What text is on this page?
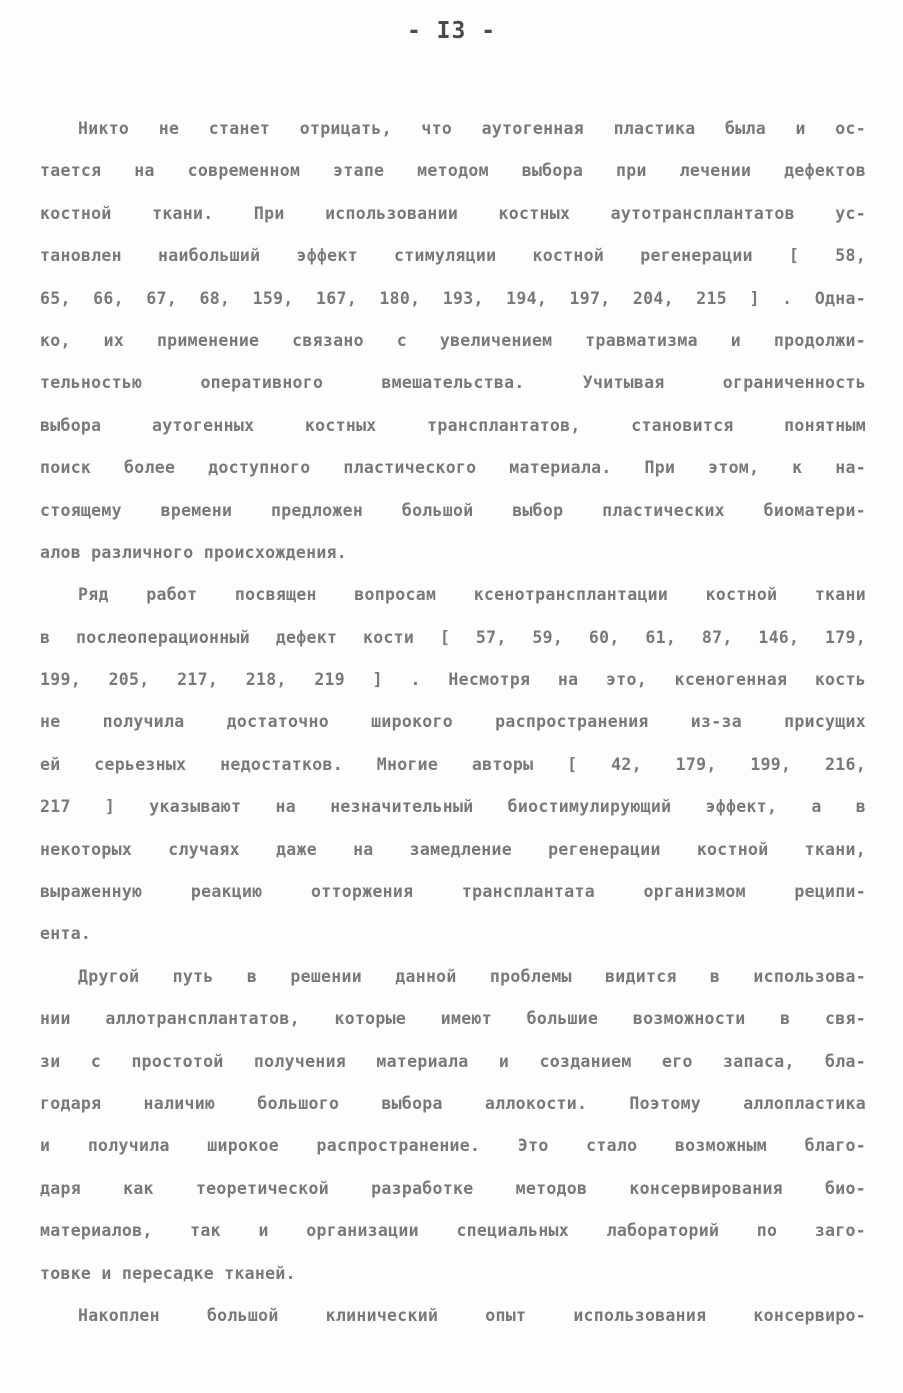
- I3 -
Никто не станет отрицать, что аутогенная пластика была и ос-
тается на современном этапе методом выбора при лечении дефектов
костной ткани. При использовании костных аутотрансплантатов ус-
тановлен наибольший эффект стимуляции костной регенерации [ 58,
65, 66, 67, 68, 159, 167, 180, 193, 194, 197, 204, 215 ] . Одна-
ко, их применение связано с увеличением травматизма и продолжи-
тельностью оперативного вмешательства. Учитывая ограниченность
выбора аутогенных костных трансплантатов, становится понятным
поиск более доступного пластического материала. При этом, к на-
стоящему времени предложен большой выбор пластических биоматери-
алов различного происхождения.
Ряд работ посвящен вопросам ксенотрансплантации костной ткани
в послеоперационный дефект кости [ 57, 59, 60, 61, 87, 146, 179,
199, 205, 217, 218, 219 ] . Несмотря на это, ксеногенная кость
не получила достаточно широкого распространения из-за присущих
ей серьезных недостатков. Многие авторы [ 42, 179, 199, 216,
217 ] указывают на незначительный биостимулирующий эффект, а в
некоторых случаях даже на замедление регенерации костной ткани,
выраженную реакцию отторжения трансплантата организмом реципи-
ента.
Другой путь в решении данной проблемы видится в использова-
нии аллотрансплантатов, которые имеют большие возможности в свя-
зи с простотой получения материала и созданием его запаса, бла-
годаря наличию большого выбора аллокости. Поэтому аллопластика
и получила широкое распространение. Это стало возможным благо-
даря как теоретической разработке методов консервирования био-
материалов, так и организации специальных лабораторий по заго-
товке и пересадке тканей.
Накоплен большой клинический опыт использования консервиро-
